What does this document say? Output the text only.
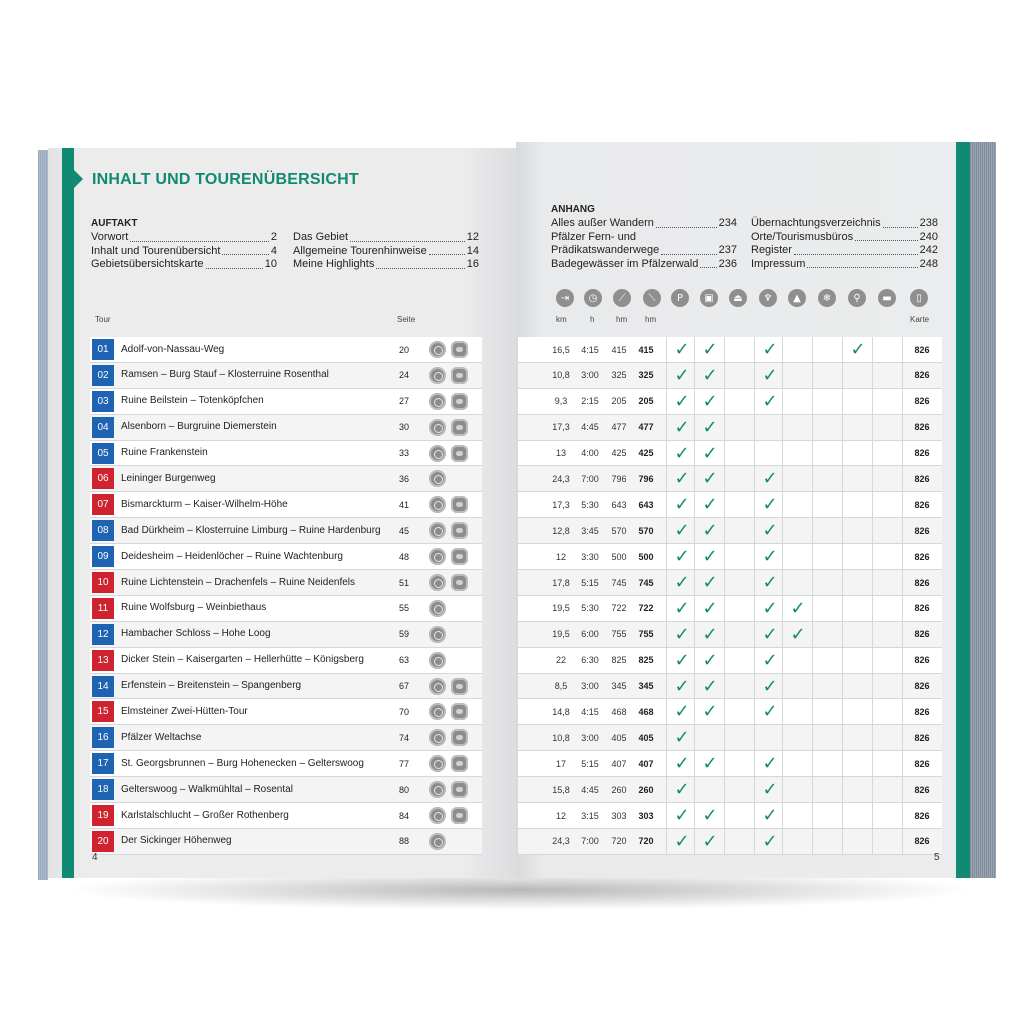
INHALT UND TOURENÜBERSICHT
AUFTAKT
Vorwort	2
Inhalt und Tourenübersicht	4
Gebietsübersichtskarte	10
Das Gebiet	12
Allgemeine Tourenhinweise	14
Meine Highlights	16
ANHANG
Alles außer Wandern	234
Pfälzer Fern- und
Prädikatswanderwege	237
Badegewässer im Pfälzerwald 236
Übernachtungsverzeichnis	238
Orte/Tourismusbüros	240
Register	242
Impressum	248
Tour	Seite
⇥	◷	⟋	⟍	P	▣	⏏	♆	▲	❄	⚲	▬	▯
km	h	hm hm	Karte
01	Adolf-von-Nassau-Weg	20
02	Ramsen – Burg Stauf – Klosterruine Rosenthal	24
03	Ruine Beilstein – Totenköpfchen	27
04	Alsenborn – Burgruine Diemerstein	30
05	Ruine Frankenstein	33
06	Leininger Burgenweg	36
07	Bismarckturm – Kaiser-Wilhelm-Höhe	41
08	Bad Dürkheim – Klosterruine Limburg – Ruine Hardenburg	45
09	Deidesheim – Heidenlöcher – Ruine Wachtenburg	48
10	Ruine Lichtenstein – Drachenfels – Ruine Neidenfels	51
11	Ruine Wolfsburg – Weinbiethaus	55
12	Hambacher Schloss – Hohe Loog	59
13	Dicker Stein – Kaisergarten – Hellerhütte – Königsberg	63
14	Erfenstein – Breitenstein – Spangenberg	67
15	Elmsteiner Zwei-Hütten-Tour	70
16	Pfälzer Weltachse	74
17	St. Georgsbrunnen – Burg Hohenecken – Gelterswoog	77
18	Gelterswoog – Walkmühltal – Rosental	80
19	Karlstalschlucht – Großer Rothenberg	84
20	Der Sickinger Höhenweg	88
16,5	4:15	415	415	✓ ✓	✓	✓	826
10,8	3:00	325	325	✓ ✓	✓	826
9,3	2:15	205	205	✓ ✓	✓	826
17,3	4:45	477	477	✓ ✓	826
13	4:00	425	425	✓ ✓	826
24,3	7:00	796	796	✓ ✓	✓	826
17,3	5:30	643	643	✓ ✓	✓	826
12,8	3:45	570	570	✓ ✓	✓	826
12	3:30	500	500	✓ ✓	✓	826
17,8	5:15	745	745	✓ ✓	✓	826
19,5	5:30	722	722	✓ ✓	✓ ✓	826
19,5	6:00	755	755	✓ ✓	✓ ✓	826
22	6:30	825	825	✓ ✓	✓	826
8,5	3:00	345	345	✓ ✓	✓	826
14,8	4:15	468	468	✓ ✓	✓	826
10,8	3:00	405	405	✓	826
17	5:15	407	407	✓ ✓	✓	826
15,8	4:45	260	260	✓	✓	826
12	3:15	303	303	✓ ✓	✓	826
24,3	7:00	720	720	✓ ✓	✓	826
4	5
